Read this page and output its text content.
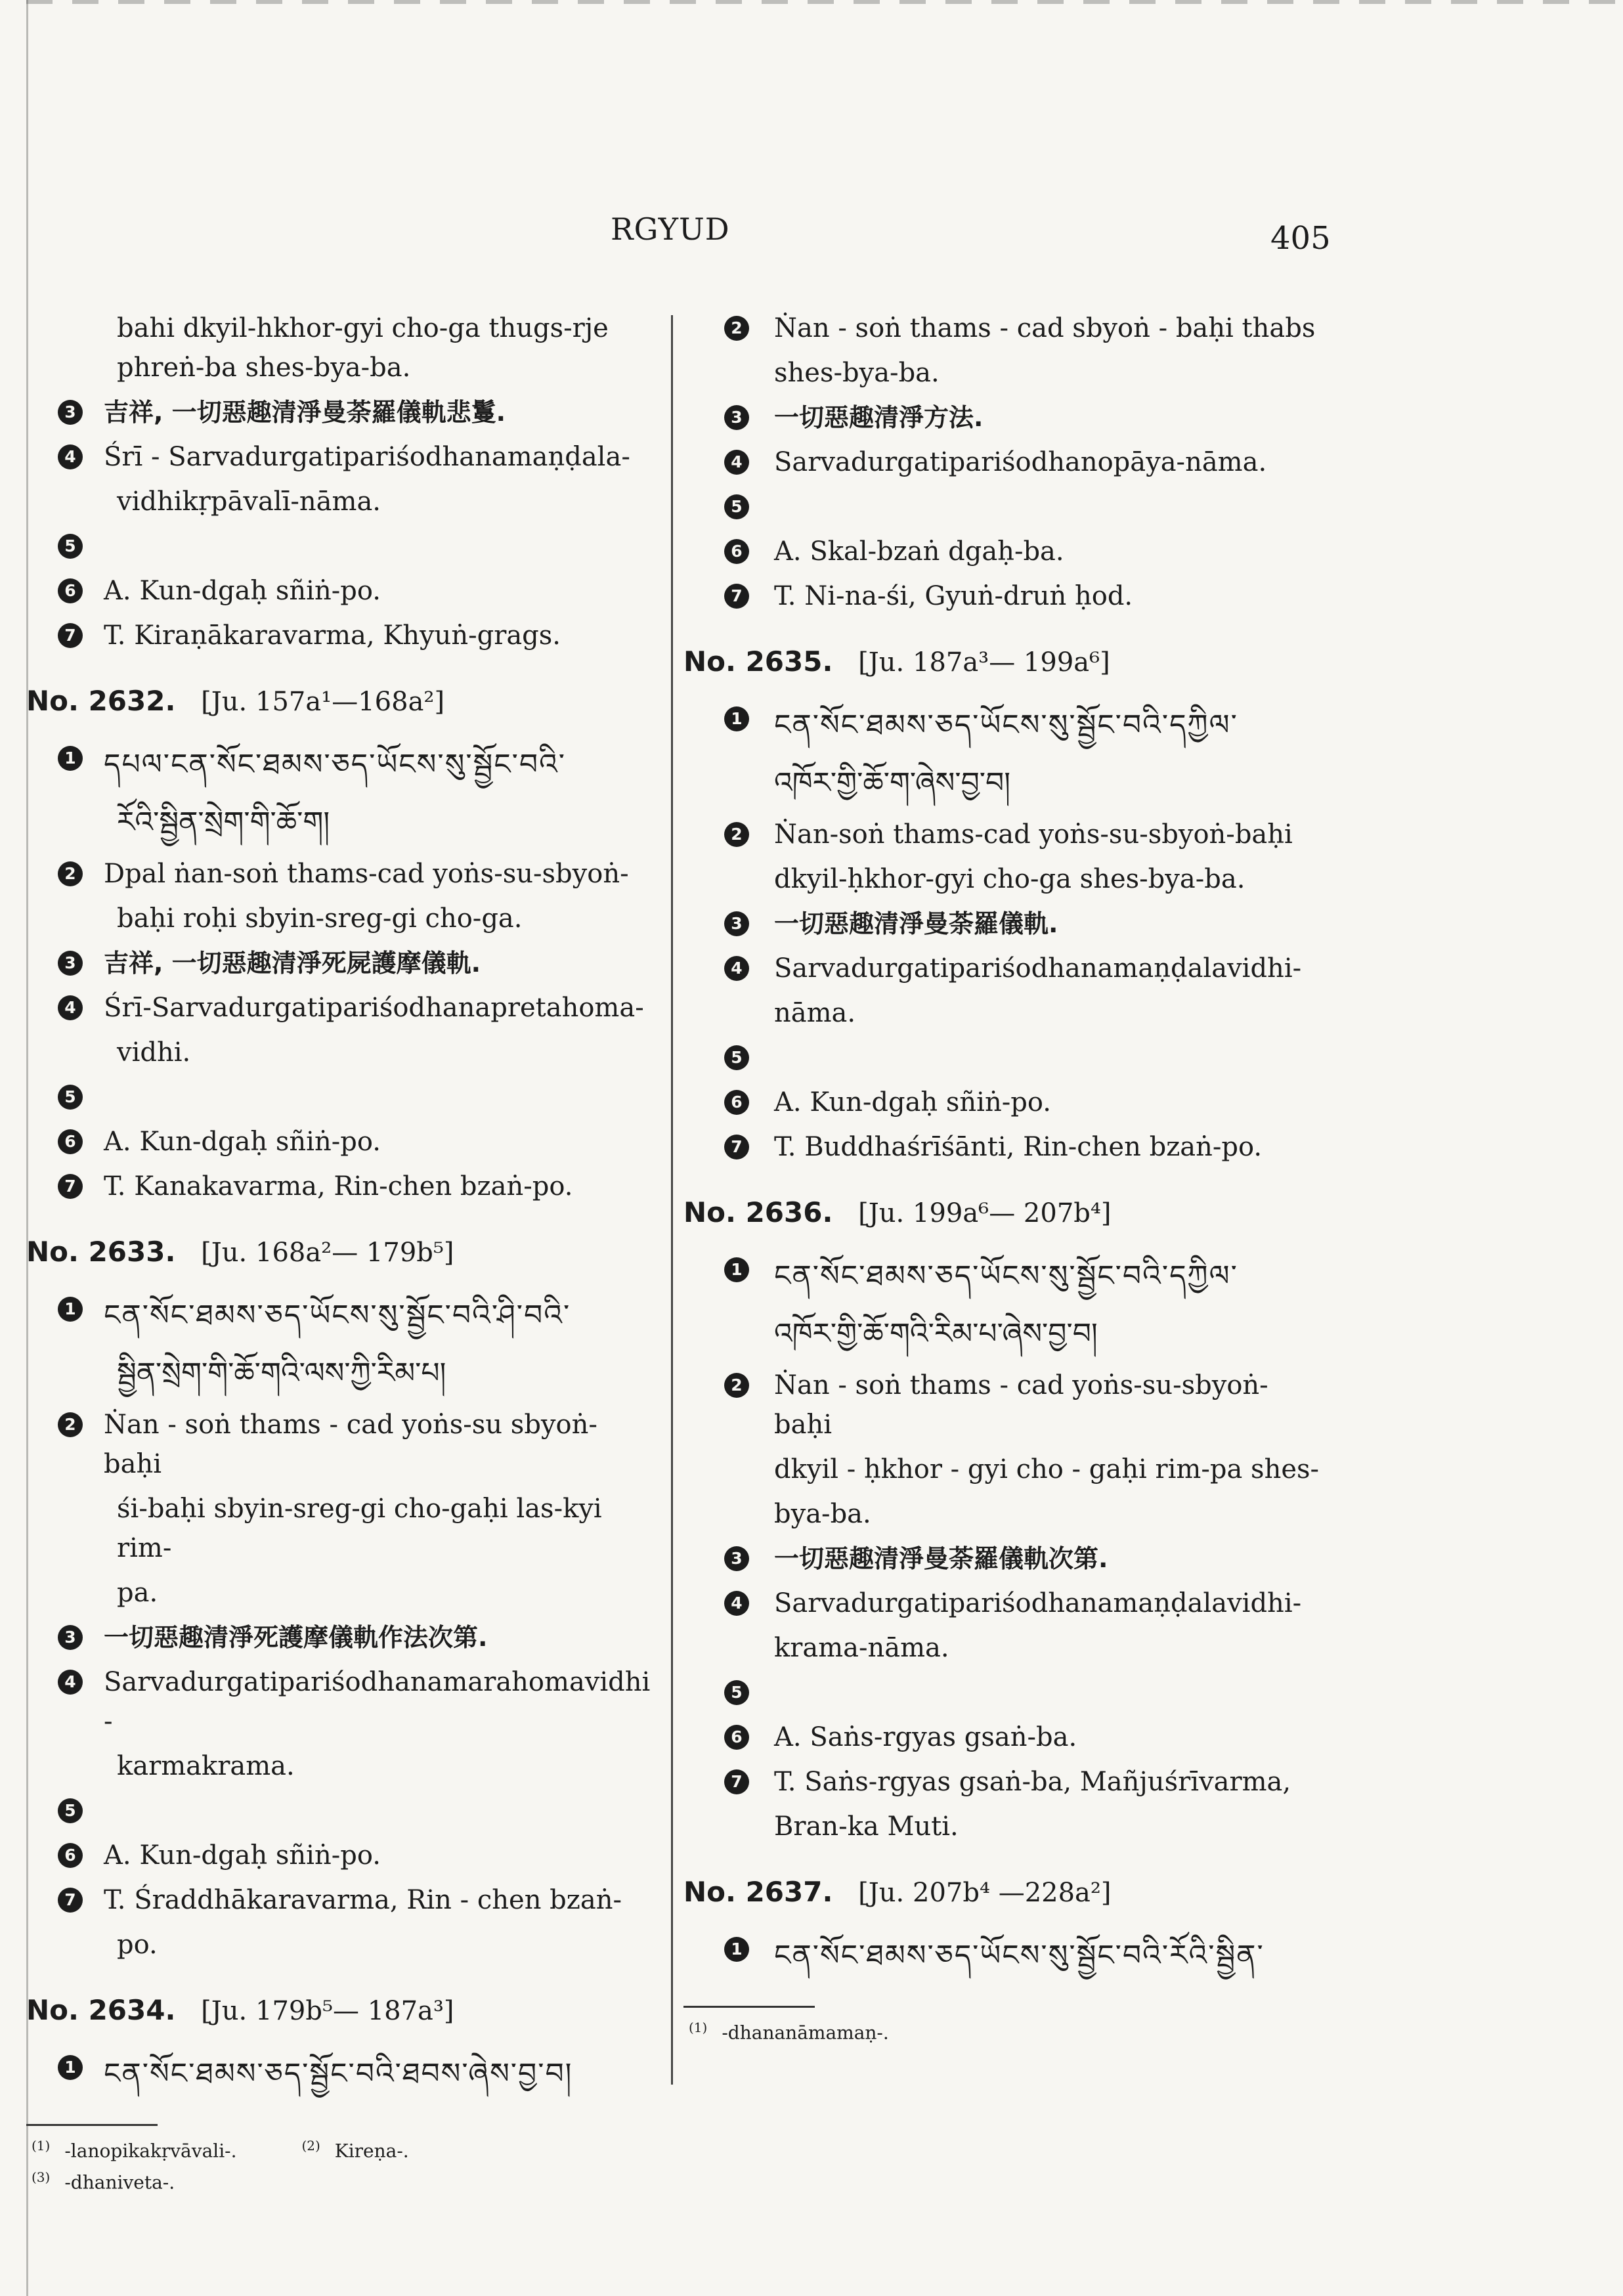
RGYUD	405
bahi dkyil-hkhor-gyi cho-ga thugs-rje phreṅ-ba shes-bya-ba.
3 吉祥, 一切惡趣清淨曼荼羅儀軌悲鬘.
4 Śrī - Sarvadurgatipariśodhanamaṇḍala-
vidhikṛpāvalī-nāma.
5
6 A. Kun-dgaḥ sñiṅ-po.
7 T. Kiraṇākaravarma, Khyuṅ-grags.
No. 2632. [Ju. 157a¹—168a²]
1 དཔལ་ངན་སོང་ཐམས་ཅད་ཡོངས་སུ་སྦྱོང་བའི་
རོའི་སྦྱིན་སྲེག་གི་ཆོ་ག།
2 Dpal ṅan-soṅ thams-cad yoṅs-su-sbyoṅ-
baḥi roḥi sbyin-sreg-gi cho-ga.
3 吉祥, 一切惡趣清淨死屍護摩儀軌.
4 Śrī-Sarvadurgatipariśodhanapretahoma-
vidhi.
5
6 A. Kun-dgaḥ sñiṅ-po.
7 T. Kanakavarma, Rin-chen bzaṅ-po.
No. 2633. [Ju. 168a²— 179b⁵]
1 ངན་སོང་ཐམས་ཅད་ཡོངས་སུ་སྦྱོང་བའི་ཤི་བའི་
སྦྱིན་སྲེག་གི་ཆོ་གའི་ལས་ཀྱི་རིམ་པ།
2 Ṅan - soṅ thams - cad yoṅs-su sbyoṅ-baḥi
śi-baḥi sbyin-sreg-gi cho-gaḥi las-kyi rim-
pa.
3 一切惡趣清淨死護摩儀軌作法次第.
4 Sarvadurgatipariśodhanamarahomavidhi -
karmakrama.
5
6 A. Kun-dgaḥ sñiṅ-po.
7 T. Śraddhākaravarma, Rin - chen bzaṅ-
po.
No. 2634. [Ju. 179b⁵— 187a³]
1 ངན་སོང་ཐམས་ཅད་སྦྱོང་བའི་ཐབས་ཞེས་བྱ་བ།
$^{(1)}$ -lanopikakṛvāvali-.	$^{(2)}$ Kireṇa-.
$^{(3)}$ -dhaniveta-.
2 Ṅan - soṅ thams - cad sbyoṅ - baḥi thabs
shes-bya-ba.
3 一切惡趣清淨方法.
4 Sarvadurgatipariśodhanopāya-nāma.
5
6 A. Skal-bzaṅ dgaḥ-ba.
7 T. Ni-na-śi, Gyuṅ-druṅ ḥod.
No. 2635. [Ju. 187a³— 199a⁶]
1 ངན་སོང་ཐམས་ཅད་ཡོངས་སུ་སྦྱོང་བའི་དཀྱིལ་
འཁོར་གྱི་ཆོ་ག་ཞེས་བྱ་བ།
2 Ṅan-soṅ thams-cad yoṅs-su-sbyoṅ-baḥi
dkyil-ḥkhor-gyi cho-ga shes-bya-ba.
3 一切惡趣清淨曼荼羅儀軌.
4 Sarvadurgatipariśodhanamaṇḍalavidhi-
nāma.
5
6 A. Kun-dgaḥ sñiṅ-po.
7 T. Buddhaśrīśānti, Rin-chen bzaṅ-po.
No. 2636. [Ju. 199a⁶— 207b⁴]
1 ངན་སོང་ཐམས་ཅད་ཡོངས་སུ་སྦྱོང་བའི་དཀྱིལ་
འཁོར་གྱི་ཆོ་གའི་རིམ་པ་ཞེས་བྱ་བ།
2 Ṅan - soṅ thams - cad yoṅs-su-sbyoṅ-baḥi
dkyil - ḥkhor - gyi cho - gaḥi rim-pa shes-
bya-ba.
3 一切惡趣清淨曼荼羅儀軌次第.
4 Sarvadurgatipariśodhanamaṇḍalavidhi-
krama-nāma.
5
6 A. Saṅs-rgyas gsaṅ-ba.
7 T. Saṅs-rgyas gsaṅ-ba, Mañjuśrīvarma,
Bran-ka Muti.
No. 2637. [Ju. 207b⁴ —228a²]
1 ངན་སོང་ཐམས་ཅད་ཡོངས་སུ་སྦྱོང་བའི་རོའི་སྦྱིན་
$^{(1)}$ -dhananāmamaṇ-.
